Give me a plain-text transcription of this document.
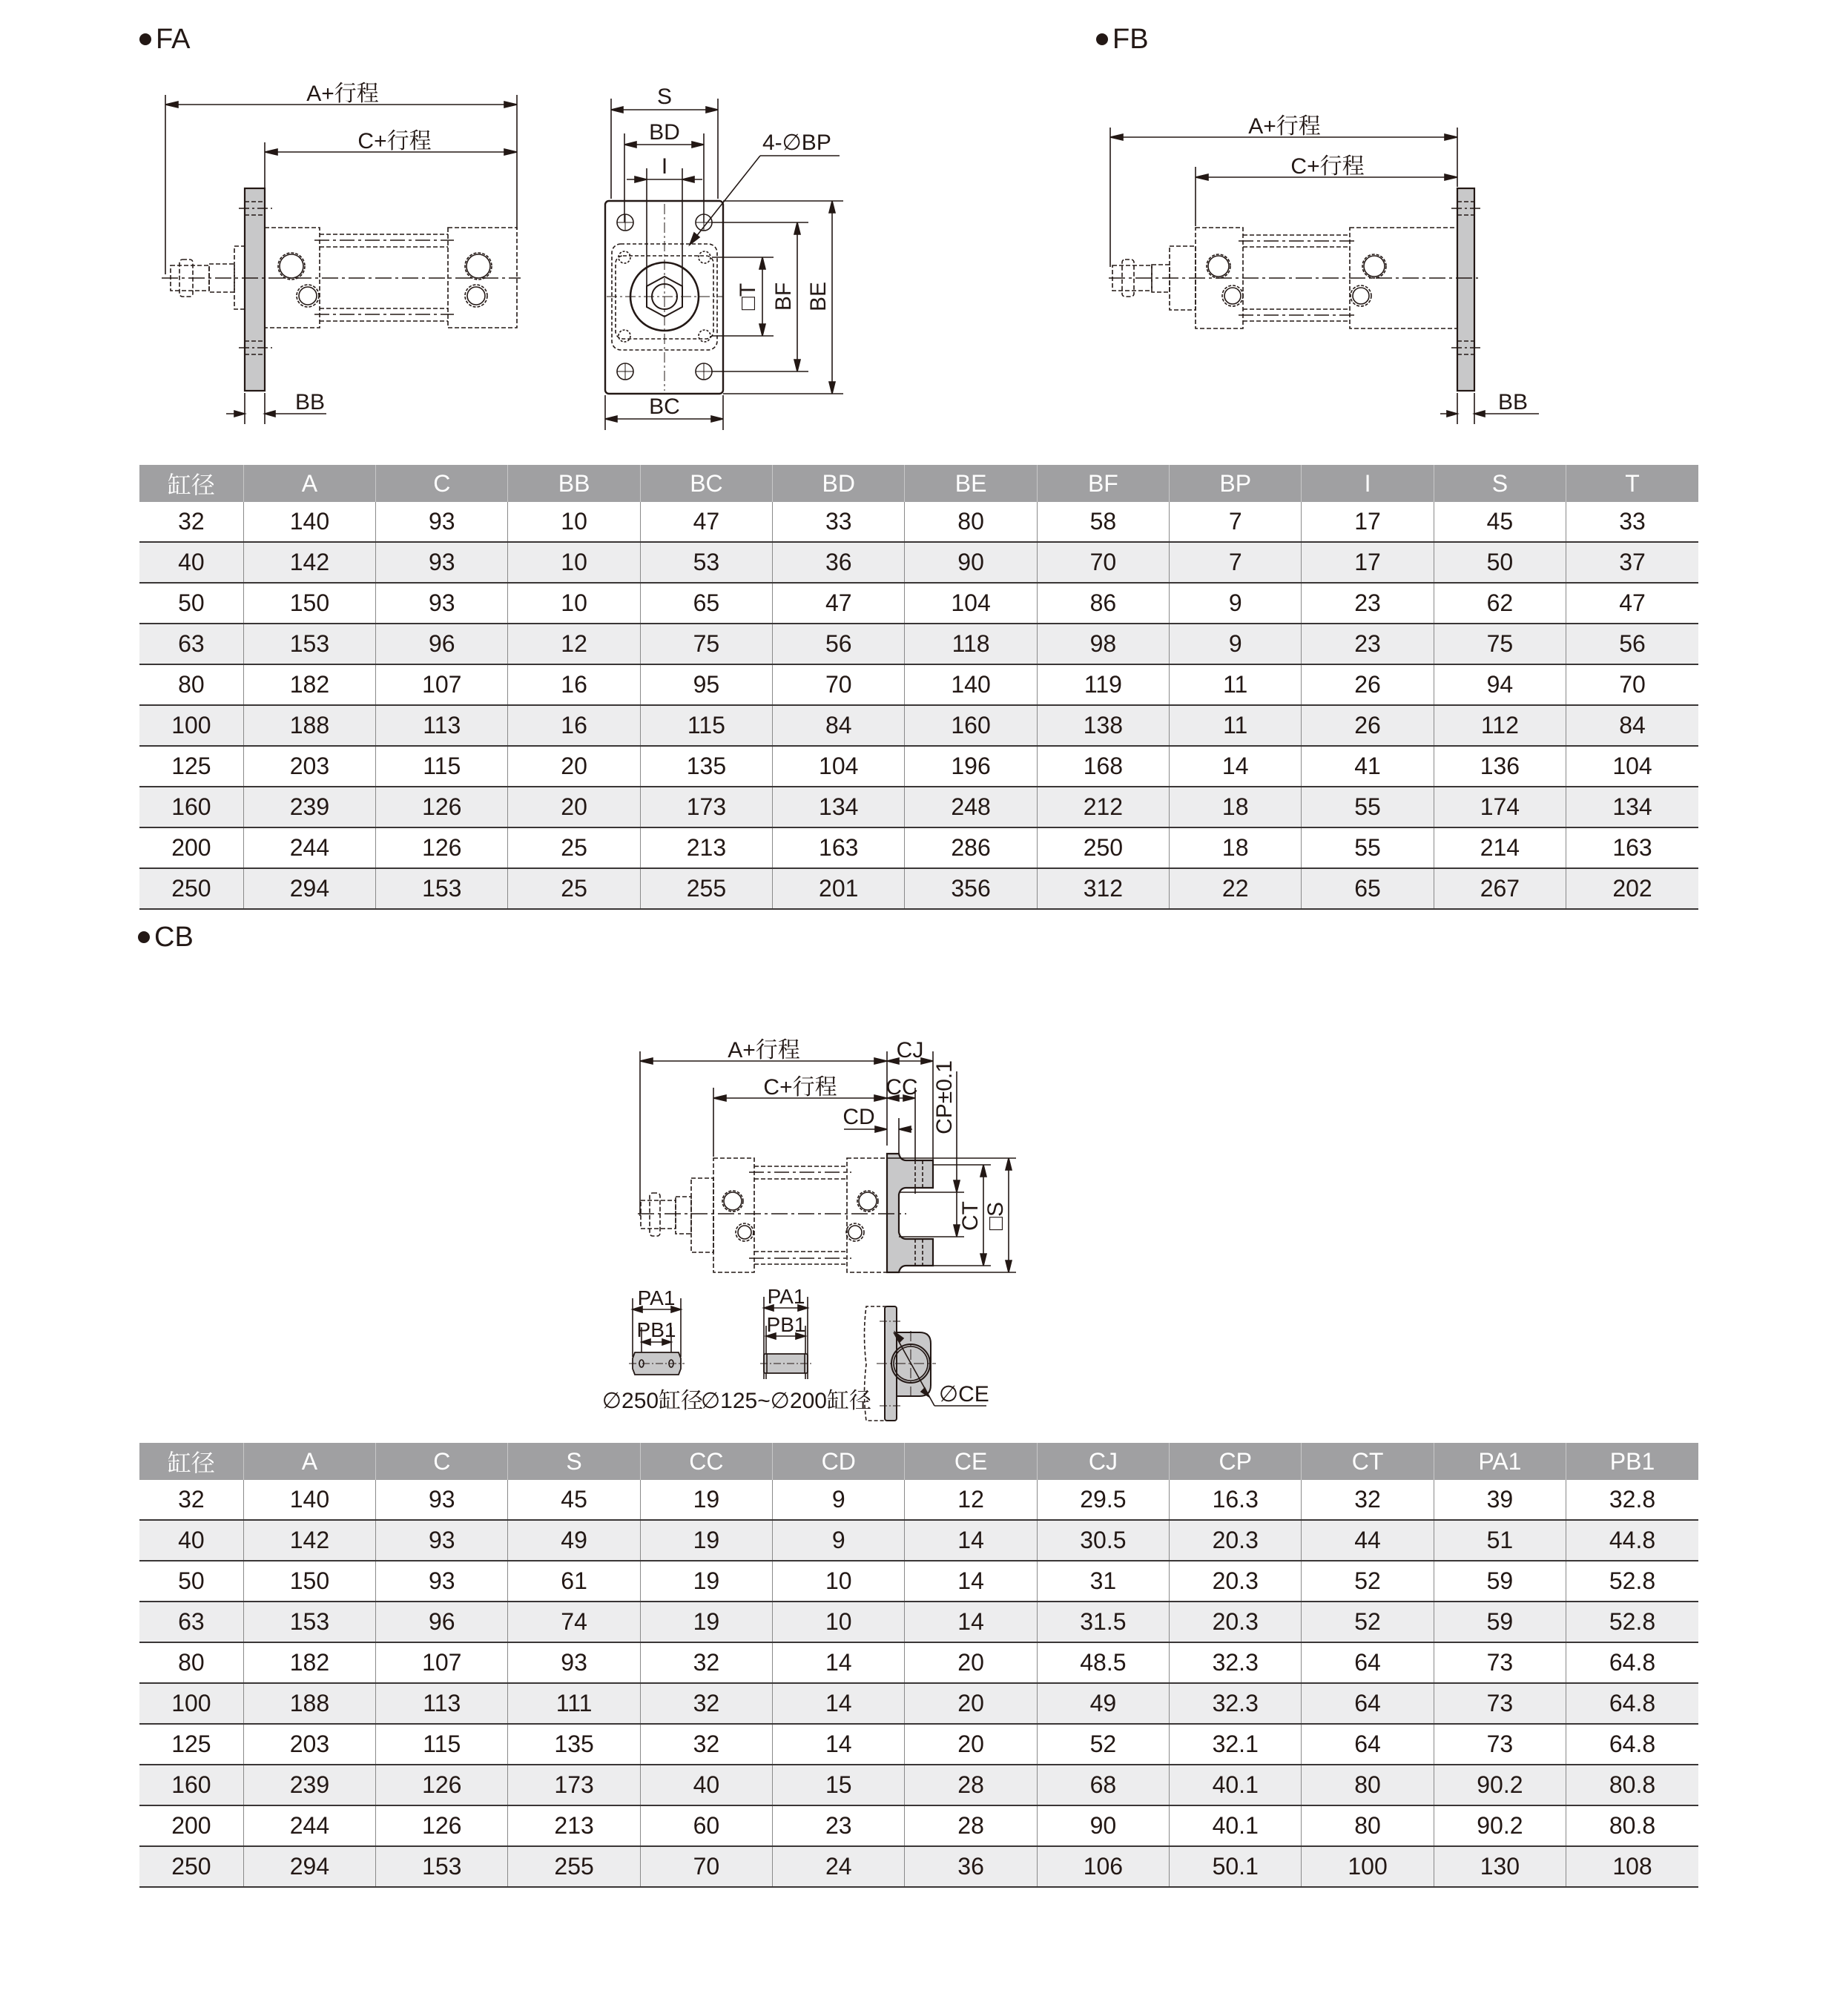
FA	FB
CB
A+行程
C+行程
BB
S
BD
I
4-∅BP
□T BF BE
BC
A+行程
C+行程
BB
缸径	A	C	BB	BC	BD	BE	BF	BP	I	S	T
32	140	93	10	47	33	80	58	7	17	45	33
40	142	93	10	53	36	90	70	7	17	50	37
50	150	93	10	65	47	104	86	9	23	62	47
63	153	96	12	75	56	118	98	9	23	75	56
80	182	107	16	95	70	140	119	11	26	94	70
100	188	113	16	115	84	160	138	11	26	112	84
125	203	115	20	135	104	196	168	14	41	136	104
160	239	126	20	173	134	248	212	18	55	174	134
200	244	126	25	213	163	286	250	18	55	214	163
250	294	153	25	255	201	356	312	22	65	267	202
A+行程	CJ
C+行程 CC
CD	CP±0.1
CT □S
PA1
PB1
∅250缸径
PA1
PB1
∅125~∅200缸径	∅CE
缸径	A	C	S	CC	CD	CE	CJ	CP	CT	PA1	PB1
32	140	93	45	19	9	12	29.5	16.3	32	39	32.8
40	142	93	49	19	9	14	30.5	20.3	44	51	44.8
50	150	93	61	19	10	14	31	20.3	52	59	52.8
63	153	96	74	19	10	14	31.5	20.3	52	59	52.8
80	182	107	93	32	14	20	48.5	32.3	64	73	64.8
100	188	113	111	32	14	20	49	32.3	64	73	64.8
125	203	115	135	32	14	20	52	32.1	64	73	64.8
160	239	126	173	40	15	28	68	40.1	80	90.2	80.8
200	244	126	213	60	23	28	90	40.1	80	90.2	80.8
250	294	153	255	70	24	36	106	50.1	100	130	108
